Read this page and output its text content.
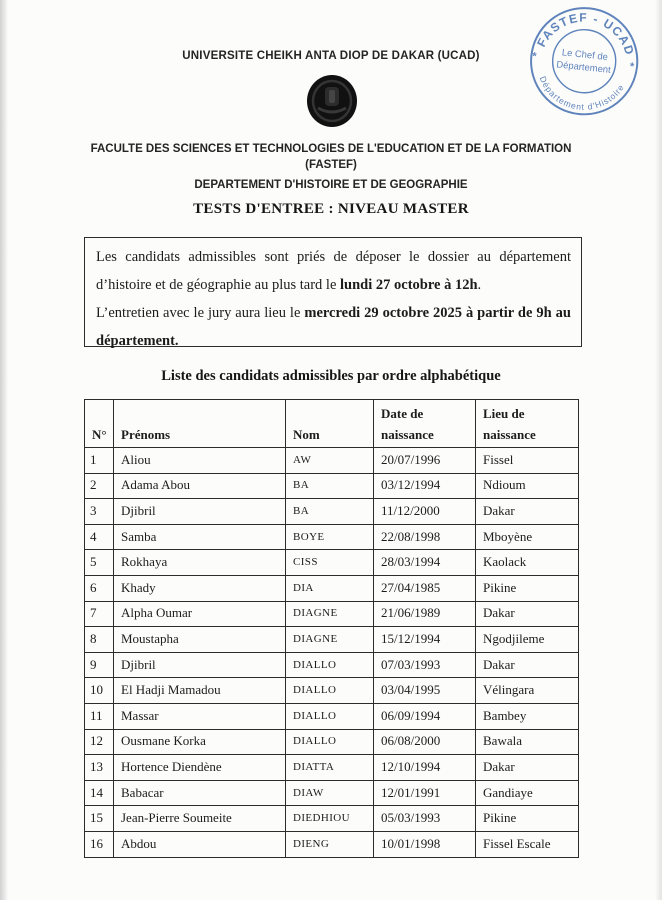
UNIVERSITE CHEIKH ANTA DIOP DE DAKAR (UCAD)
FASTEF - UCAD
Département d'Histoire
Le Chef de
Département
*
*
FACULTE DES SCIENCES ET TECHNOLOGIES DE L'EDUCATION ET DE LA FORMATION
(FASTEF)
DEPARTEMENT D'HISTOIRE ET DE GEOGRAPHIE
TESTS D'ENTREE : NIVEAU MASTER

Les candidats admissibles sont priés de déposer le dossier au département d’histoire et de géographie au plus tard le lundi 27 octobre à 12h.

L’entretien avec le jury aura lieu le mercredi 29 octobre 2025 à partir de 9h au département.

Liste des candidats admissibles par ordre alphabétique
N°	Prénoms	Nom	Date de naissance	Lieu de naissance
1	Aliou	AW	20/07/1996	Fissel
2	Adama Abou	BA	03/12/1994	Ndioum
3	Djibril	BA	11/12/2000	Dakar
4	Samba	BOYE	22/08/1998	Mboyène
5	Rokhaya	CISS	28/03/1994	Kaolack
6	Khady	DIA	27/04/1985	Pikine
7	Alpha Oumar	DIAGNE	21/06/1989	Dakar
8	Moustapha	DIAGNE	15/12/1994	Ngodjileme
9	Djibril	DIALLO	07/03/1993	Dakar
10	El Hadji Mamadou	DIALLO	03/04/1995	Vélingara
11	Massar	DIALLO	06/09/1994	Bambey
12	Ousmane Korka	DIALLO	06/08/2000	Bawala
13	Hortence Diendène	DIATTA	12/10/1994	Dakar
14	Babacar	DIAW	12/01/1991	Gandiaye
15	Jean-Pierre Soumeite	DIEDHIOU	05/03/1993	Pikine
16	Abdou	DIENG	10/01/1998	Fissel Escale
